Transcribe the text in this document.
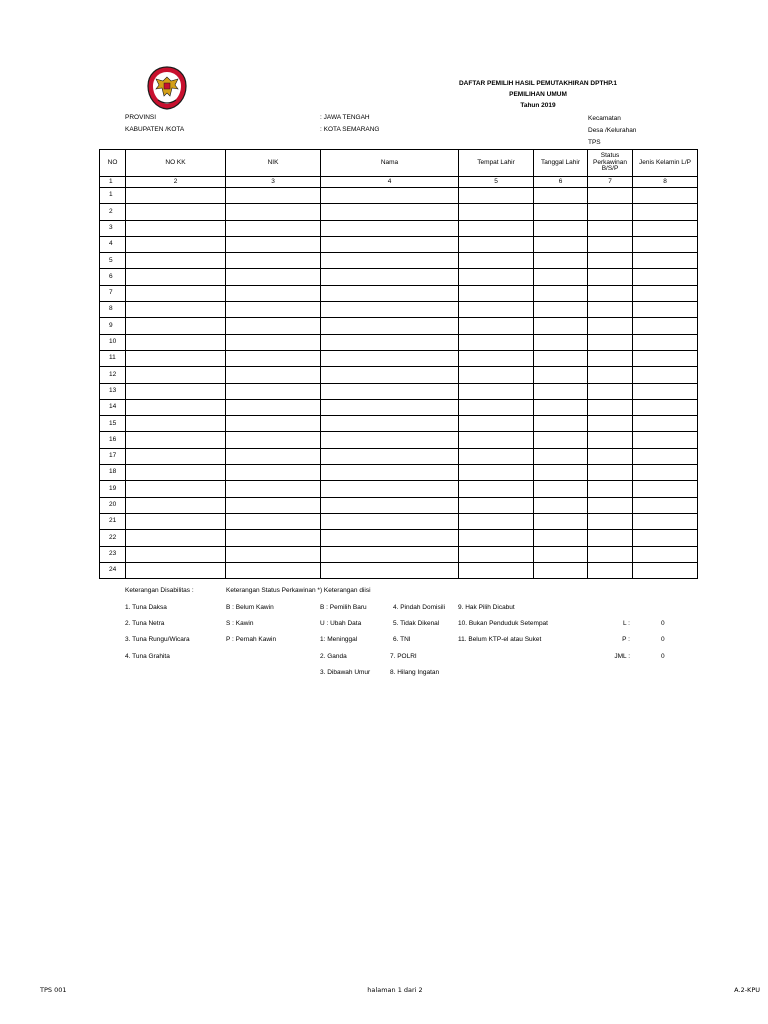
DAFTAR PEMILIH HASIL PEMUTAKHIRAN DPTHP.1
PEMILIHAN UMUM
Tahun 2019
PROVINSI	: JAWA TENGAH
KABUPATEN /KOTA	: KOTA SEMARANG
Kecamatan
Desa /Kelurahan
TPS
NO	NO KK	NIK	Nama	Tempat Lahir	Tanggal Lahir	Status Perkawinan B/S/P	Jenis Kelamin L/P
1	2	3	4	5	6	7	8
1							
2							
3							
4							
5							
6							
7							
8							
9							
10							
11							
12							
13							
14							
15							
16							
17							
18							
19							
20							
21							
22							
23							
24							
Keterangan Disabilitas :	Keterangan Status Perkawinan *) Keterangan diisi
1. Tuna Daksa
2. Tuna Netra
3. Tuna Rungu/Wicara
4. Tuna Grahita
B : Belum Kawin
S : Kawin
P : Pernah Kawin
B : Pemilih Baru
U : Ubah Data
1: Meninggal
2. Ganda
3. Dibawah Umur
4. Pindah Domisili
5. Tidak Dikenal
6. TNI
7. POLRI
8. Hilang Ingatan
9. Hak Pilih Dicabut
10. Bukan Penduduk Setempat
11. Belum KTP-el atau Suket
L :	0
P :	0
JML :	0
TPS 001	halaman 1 dari 2	A.2-KPU
